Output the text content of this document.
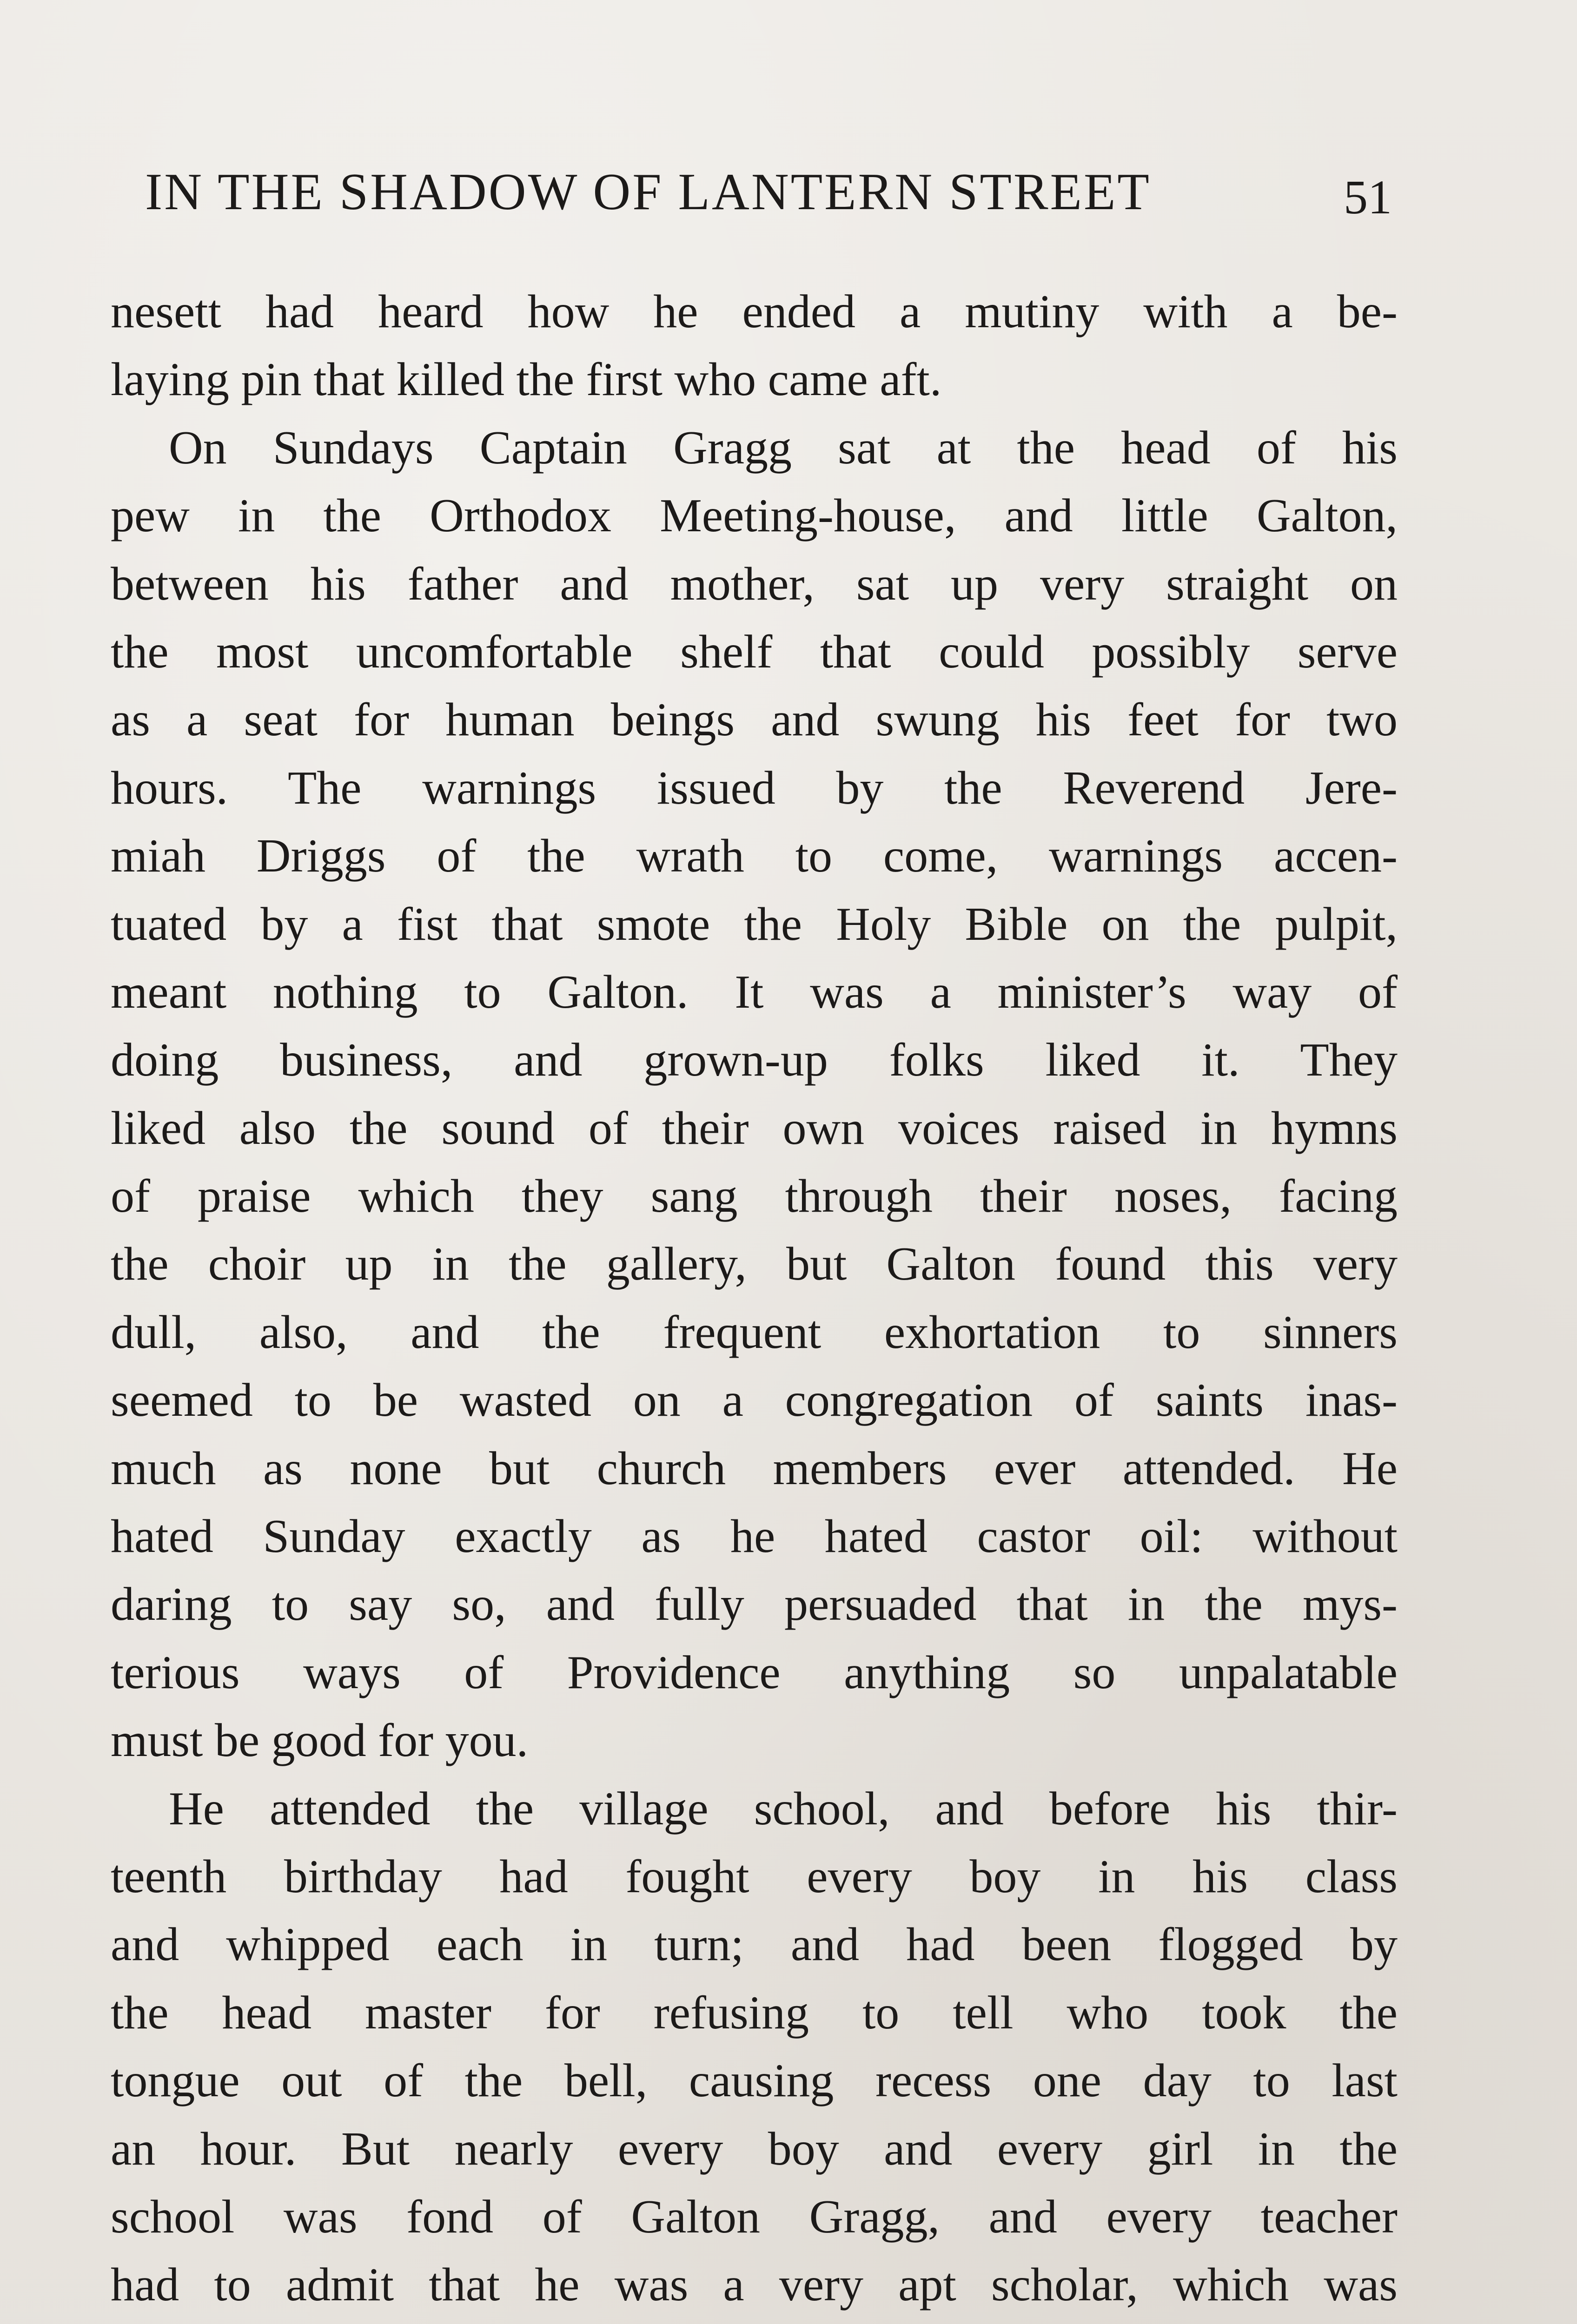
IN THE SHADOW OF LANTERN STREET	51
nesett had heard how he ended a mutiny with a be-
laying pin that killed the first who came aft.
On Sundays Captain Gragg sat at the head of his
pew in the Orthodox Meeting-house, and little Galton,
between his father and mother, sat up very straight on
the most uncomfortable shelf that could possibly serve
as a seat for human beings and swung his feet for two
hours. The warnings issued by the Reverend Jere-
miah Driggs of the wrath to come, warnings accen-
tuated by a fist that smote the Holy Bible on the pulpit,
meant nothing to Galton. It was a minister’s way of
doing business, and grown-up folks liked it. They
liked also the sound of their own voices raised in hymns
of praise which they sang through their noses, facing
the choir up in the gallery, but Galton found this very
dull, also, and the frequent exhortation to sinners
seemed to be wasted on a congregation of saints inas-
much as none but church members ever attended. He
hated Sunday exactly as he hated castor oil: without
daring to say so, and fully persuaded that in the mys-
terious ways of Providence anything so unpalatable
must be good for you.
He attended the village school, and before his thir-
teenth birthday had fought every boy in his class
and whipped each in turn; and had been flogged by
the head master for refusing to tell who took the
tongue out of the bell, causing recess one day to last
an hour. But nearly every boy and every girl in the
school was fond of Galton Gragg, and every teacher
had to admit that he was a very apt scholar, which was
